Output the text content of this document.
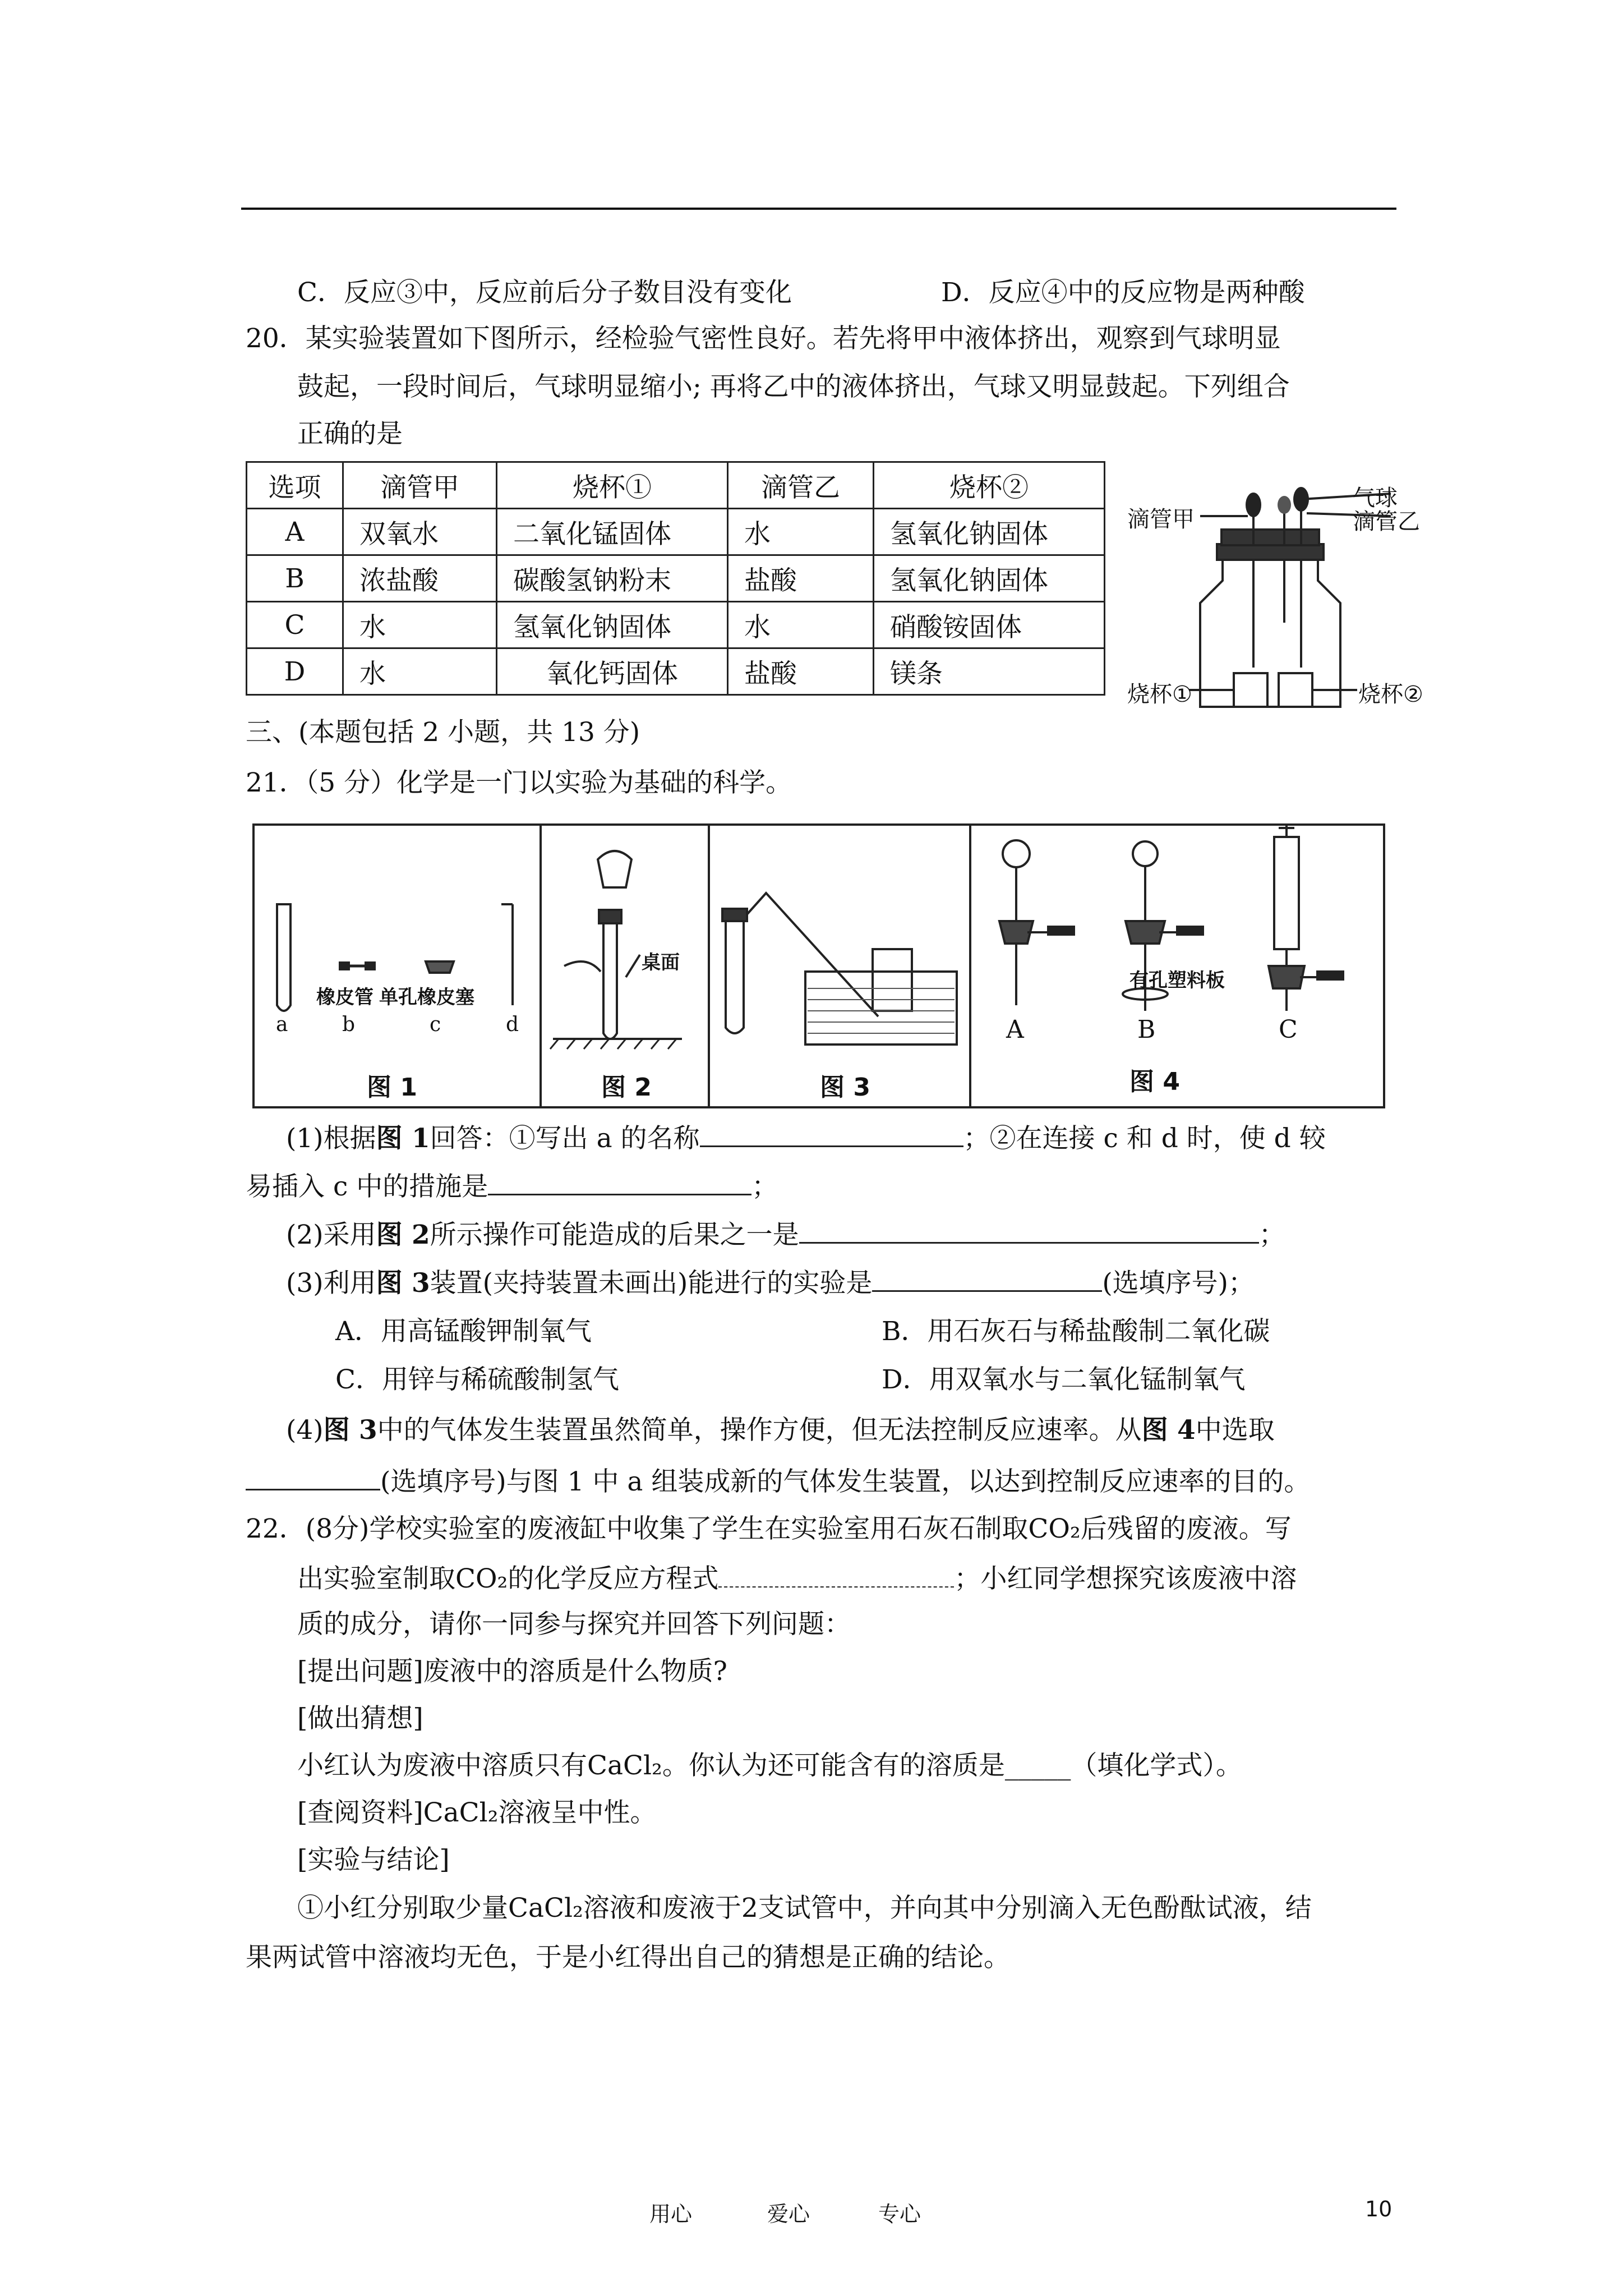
C．反应③中，反应前后分子数目没有变化	D．反应④中的反应物是两种酸
20．某实验装置如下图所示，经检验气密性良好。若先将甲中液体挤出，观察到气球明显
鼓起，一段时间后，气球明显缩小; 再将乙中的液体挤出，气球又明显鼓起。下列组合
正确的是
选项	滴管甲	烧杯①	滴管乙	烧杯②
A	双氧水	二氧化锰固体	水	氢氧化钠固体
B	浓盐酸	碳酸氢钠粉末	盐酸	氢氧化钠固体
C	水	氢氧化钠固体	水	硝酸铵固体
D	水	氧化钙固体	盐酸	镁条
气球
滴管甲	滴管乙
烧杯①	烧杯②
三、(本题包括 2 小题，共 13 分)
21．（5 分）化学是一门以实验为基础的科学。
橡皮管 单孔橡皮塞
a	b	c	d
图 1
桌面
图 2	图 3
有孔塑料板
A	B	C
图 4
(1)根据图 1回答：①写出 a 的名称	；②在连接 c 和 d 时，使 d 较
易插入 c 中的措施是	；
(2)采用图 2所示操作可能造成的后果之一是	；
(3)利用图 3装置(夹持装置未画出)能进行的实验是	(选填序号)；
A．用高锰酸钾制氧气	B．用石灰石与稀盐酸制二氧化碳
C．用锌与稀硫酸制氢气	D．用双氧水与二氧化锰制氧气
(4)图 3中的气体发生装置虽然简单，操作方便，但无法控制反应速率。从图 4中选取
(选填序号)与图 1 中 a 组装成新的气体发生装置，以达到控制反应速率的目的。
22．(8分)学校实验室的废液缸中收集了学生在实验室用石灰石制取CO₂后残留的废液。写
出实验室制取CO₂的化学反应方程式	；小红同学想探究该废液中溶
质的成分，请你一同参与探究并回答下列问题：
[提出问题]废液中的溶质是什么物质?
[做出猜想]
小红认为废液中溶质只有CaCl₂。你认为还可能含有的溶质是_____（填化学式）。
[查阅资料]CaCl₂溶液呈中性。
[实验与结论]
①小红分别取少量CaCl₂溶液和废液于2支试管中，并向其中分别滴入无色酚酞试液，结
果两试管中溶液均无色，于是小红得出自己的猜想是正确的结论。
用心	爱心	专心	10
